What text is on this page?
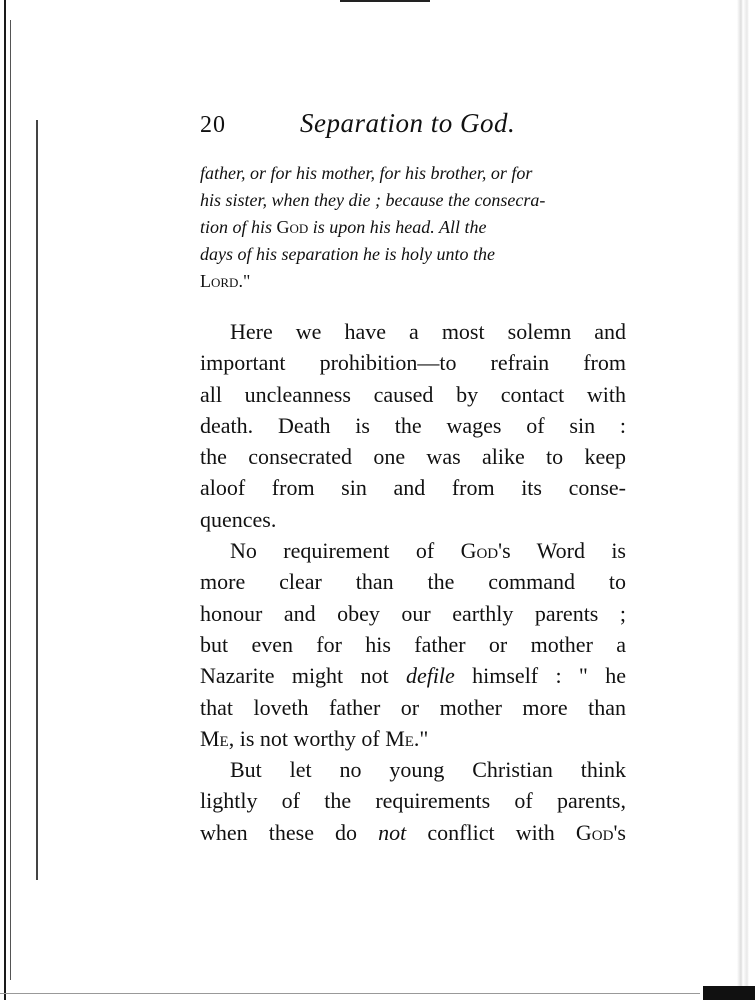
20	Separation to God.
father, or for his mother, for his brother, or for
his sister, when they die ; because the consecra-
tion of his God is upon his head. All the
days of his separation he is holy unto the
Lord."
Here we have a most solemn and
important prohibition—to refrain from
all uncleanness caused by contact with
death. Death is the wages of sin :
the consecrated one was alike to keep
aloof from sin and from its conse-
quences.
No requirement of God's Word is
more clear than the command to
honour and obey our earthly parents ;
but even for his father or mother a
Nazarite might not defile himself : " he
that loveth father or mother more than
Me, is not worthy of Me."
But let no young Christian think
lightly of the requirements of parents,
when these do not conflict with God's
